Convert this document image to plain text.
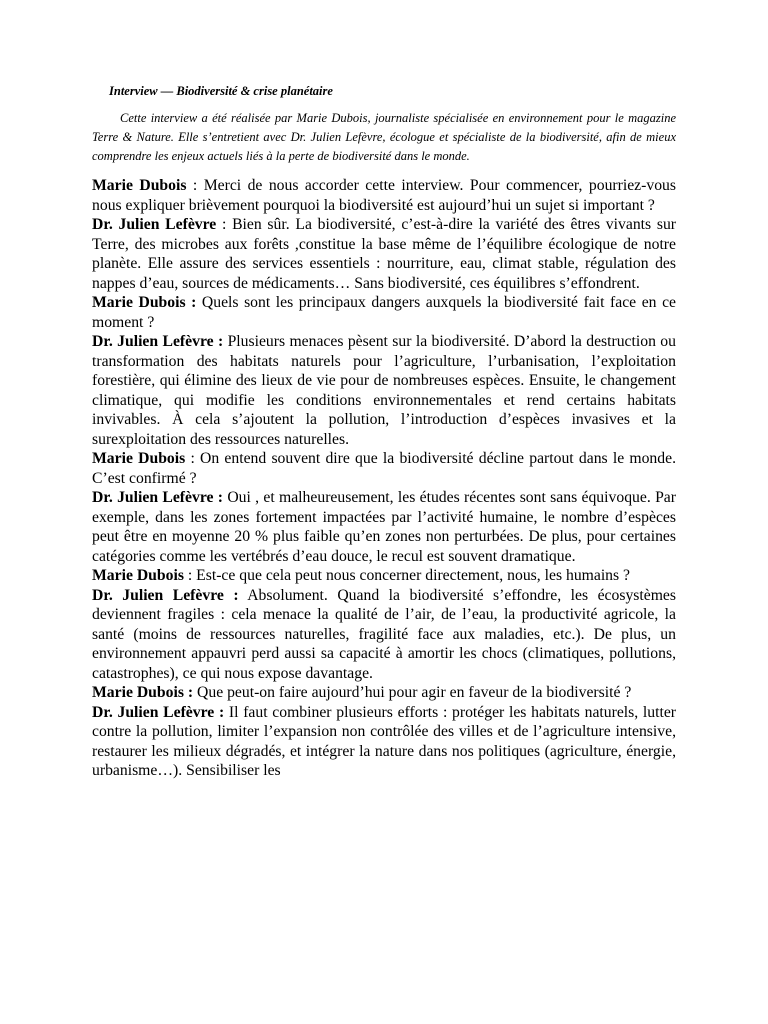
Interview — Biodiversité & crise planétaire

Cette interview a été réalisée par Marie Dubois, journaliste spécialisée en environnement pour le magazine Terre & Nature. Elle s’entretient avec Dr. Julien Lefèvre, écologue et spécialiste de la biodiversité, afin de mieux comprendre les enjeux actuels liés à la perte de biodiversité dans le monde.

Marie Dubois : Merci de nous accorder cette interview. Pour commencer, pourriez-vous nous expliquer brièvement pourquoi la biodiversité est aujourd’hui un sujet si important ?

Dr. Julien Lefèvre : Bien sûr. La biodiversité, c’est-à-dire la variété des êtres vivants sur Terre, des microbes aux forêts ,constitue la base même de l’équilibre écologique de notre planète. Elle assure des services essentiels : nourriture, eau, climat stable, régulation des nappes d’eau, sources de médicaments… Sans biodiversité, ces équilibres s’effondrent.

Marie Dubois : Quels sont les principaux dangers auxquels la biodiversité fait face en ce moment ?

Dr. Julien Lefèvre : Plusieurs menaces pèsent sur la biodiversité. D’abord la destruction ou transformation des habitats naturels pour l’agriculture, l’urbanisation, l’exploitation forestière, qui élimine des lieux de vie pour de nombreuses espèces. Ensuite, le changement climatique, qui modifie les conditions environnementales et rend certains habitats invivables. À cela s’ajoutent la pollution, l’introduction d’espèces invasives et la surexploitation des ressources naturelles.

Marie Dubois : On entend souvent dire que la biodiversité décline partout dans le monde. C’est confirmé ?

Dr. Julien Lefèvre : Oui , et malheureusement, les études récentes sont sans équivoque. Par exemple, dans les zones fortement impactées par l’activité humaine, le nombre d’espèces peut être en moyenne 20 % plus faible qu’en zones non perturbées. De plus, pour certaines catégories comme les vertébrés d’eau douce, le recul est souvent dramatique.

Marie Dubois : Est-ce que cela peut nous concerner directement, nous, les humains ?

Dr. Julien Lefèvre : Absolument. Quand la biodiversité s’effondre, les écosystèmes deviennent fragiles : cela menace la qualité de l’air, de l’eau, la productivité agricole, la santé (moins de ressources naturelles, fragilité face aux maladies, etc.). De plus, un environnement appauvri perd aussi sa capacité à amortir les chocs (climatiques, pollutions, catastrophes), ce qui nous expose davantage.

Marie Dubois : Que peut-on faire aujourd’hui pour agir en faveur de la biodiversité ?

Dr. Julien Lefèvre : Il faut combiner plusieurs efforts : protéger les habitats naturels, lutter contre la pollution, limiter l’expansion non contrôlée des villes et de l’agriculture intensive, restaurer les milieux dégradés, et intégrer la nature dans nos politiques (agriculture, énergie, urbanisme…). Sensibiliser les
